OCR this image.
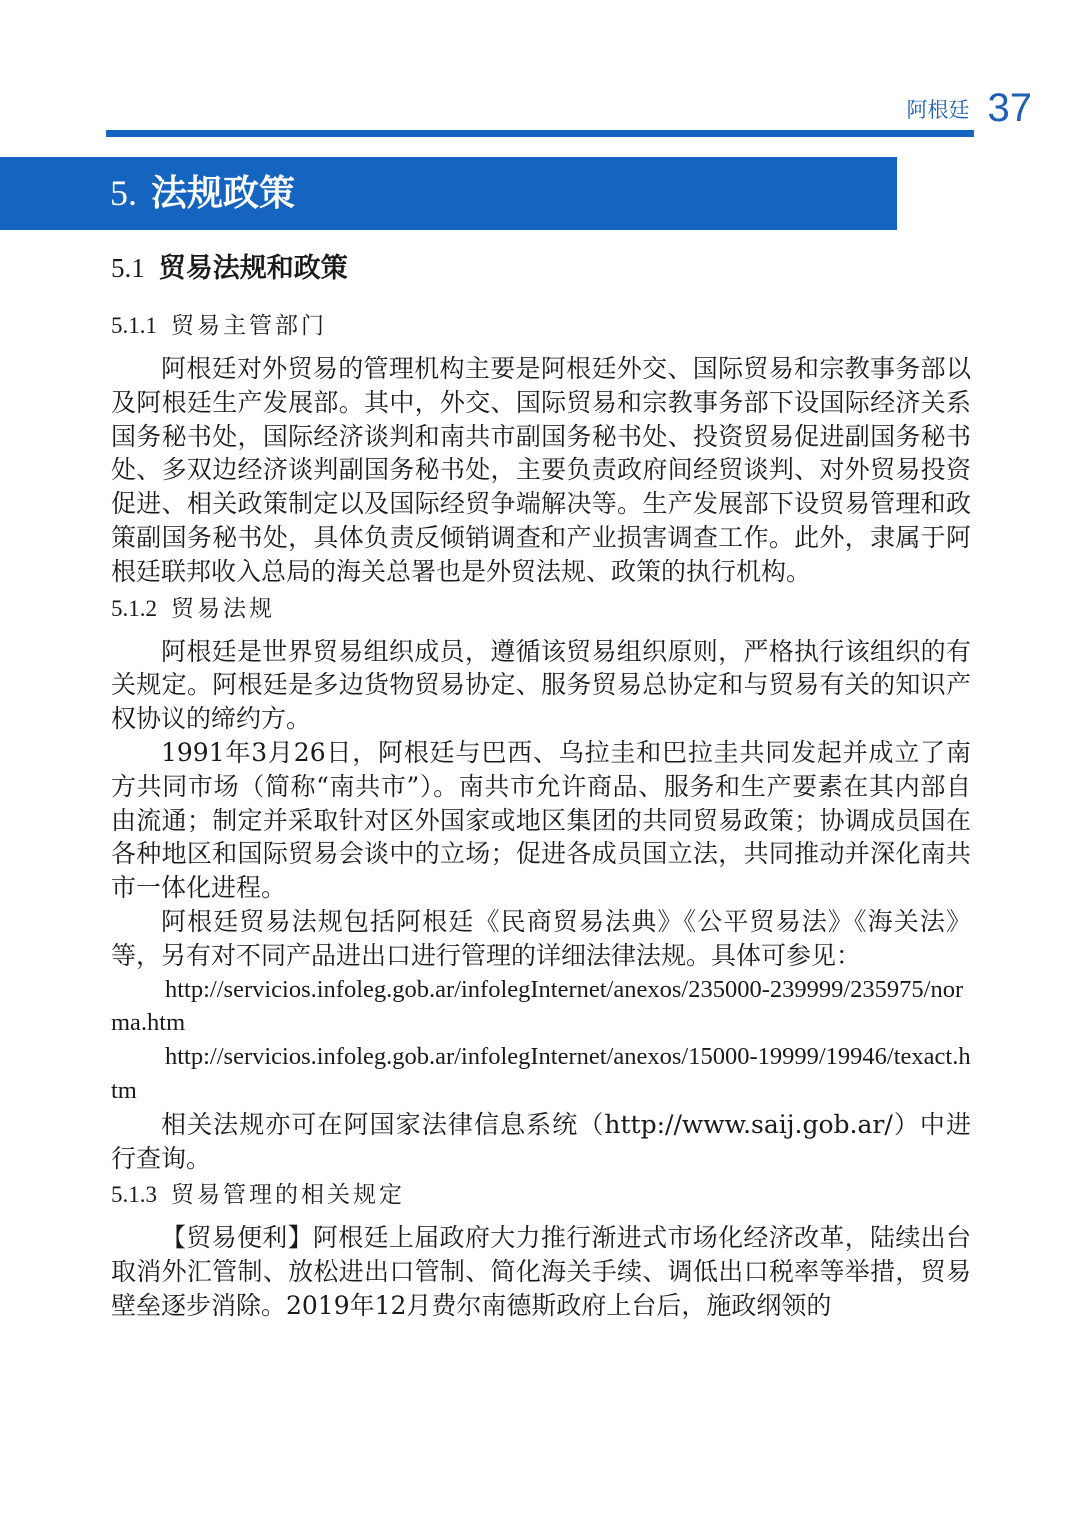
阿根廷 37
5. 法规政策
5.1 贸易法规和政策
5.1.1 贸易主管部门

阿根廷对外贸易的管理机构主要是阿根廷外交、国际贸易和宗教事务部以及阿根廷生产发展部。其中，外交、国际贸易和宗教事务部下设国际经济关系国务秘书处，国际经济谈判和南共市副国务秘书处、投资贸易促进副国务秘书处、多双边经济谈判副国务秘书处，主要负责政府间经贸谈判、对外贸易投资促进、相关政策制定以及国际经贸争端解决等。生产发展部下设贸易管理和政策副国务秘书处，具体负责反倾销调查和产业损害调查工作。此外，隶属于阿根廷联邦收入总局的海关总署也是外贸法规、政策的执行机构。

5.1.2 贸易法规

阿根廷是世界贸易组织成员，遵循该贸易组织原则，严格执行该组织的有关规定。阿根廷是多边货物贸易协定、服务贸易总协定和与贸易有关的知识产权协议的缔约方。

1991年3月26日，阿根廷与巴西、乌拉圭和巴拉圭共同发起并成立了南方共同市场（简称“南共市”）。南共市允许商品、服务和生产要素在其内部自由流通；制定并采取针对区外国家或地区集团的共同贸易政策；协调成员国在各种地区和国际贸易会谈中的立场；促进各成员国立法，共同推动并深化南共市一体化进程。

阿根廷贸易法规包括阿根廷《民商贸易法典》《公平贸易法》《海关法》等，另有对不同产品进出口进行管理的详细法律法规。具体可参见：

http://servicios.infoleg.gob.ar/infolegInternet/anexos/235000-239999/235975/norma.htm

http://servicios.infoleg.gob.ar/infolegInternet/anexos/15000-19999/19946/texact.htm

相关法规亦可在阿国家法律信息系统（http://www.saij.gob.ar/）中进行查询。

5.1.3 贸易管理的相关规定

【贸易便利】阿根廷上届政府大力推行渐进式市场化经济改革，陆续出台取消外汇管制、放松进出口管制、简化海关手续、调低出口税率等举措，贸易壁垒逐步消除。2019年12月费尔南德斯政府上台后，施政纲领的
